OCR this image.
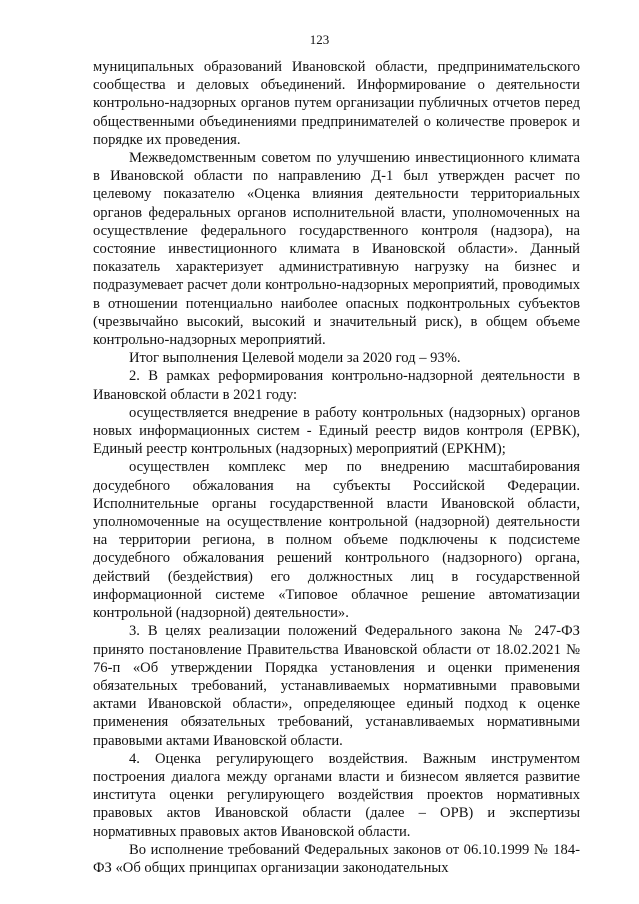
123

муниципальных образований Ивановской области, предпринимательского сообщества и деловых объединений. Информирование о деятельности контрольно-надзорных органов путем организации публичных отчетов перед общественными объединениями предпринимателей о количестве проверок и порядке их проведения.

Межведомственным советом по улучшению инвестиционного климата в Ивановской области по направлению Д-1 был утвержден расчет по целевому показателю «Оценка влияния деятельности территориальных органов федеральных органов исполнительной власти, уполномоченных на осуществление федерального государственного контроля (надзора), на состояние инвестиционного климата в Ивановской области». Данный показатель характеризует административную нагрузку на бизнес и подразумевает расчет доли контрольно-надзорных мероприятий, проводимых в отношении потенциально наиболее опасных подконтрольных субъектов (чрезвычайно высокий, высокий и значительный риск), в общем объеме контрольно-надзорных мероприятий.

Итог выполнения Целевой модели за 2020 год – 93%.

2. В рамках реформирования контрольно-надзорной деятельности в Ивановской области в 2021 году:

осуществляется внедрение в работу контрольных (надзорных) органов новых информационных систем - Единый реестр видов контроля (ЕРВК), Единый реестр контрольных (надзорных) мероприятий (ЕРКНМ);

осуществлен комплекс мер по внедрению масштабирования досудебного обжалования на субъекты Российской Федерации. Исполнительные органы государственной власти Ивановской области, уполномоченные на осуществление контрольной (надзорной) деятельности на территории региона, в полном объеме подключены к подсистеме досудебного обжалования решений контрольного (надзорного) органа, действий (бездействия) его должностных лиц в государственной информационной системе «Типовое облачное решение автоматизации контрольной (надзорной) деятельности».

3. В целях реализации положений Федерального закона № 247-ФЗ принято постановление Правительства Ивановской области от 18.02.2021 № 76-п «Об утверждении Порядка установления и оценки применения обязательных требований, устанавливаемых нормативными правовыми актами Ивановской области», определяющее единый подход к оценке применения обязательных требований, устанавливаемых нормативными правовыми актами Ивановской области.

4. Оценка регулирующего воздействия. Важным инструментом построения диалога между органами власти и бизнесом является развитие института оценки регулирующего воздействия проектов нормативных правовых актов Ивановской области (далее – ОРВ) и экспертизы нормативных правовых актов Ивановской области.

Во исполнение требований Федеральных законов от 06.10.1999 № 184-ФЗ «Об общих принципах организации законодательных
